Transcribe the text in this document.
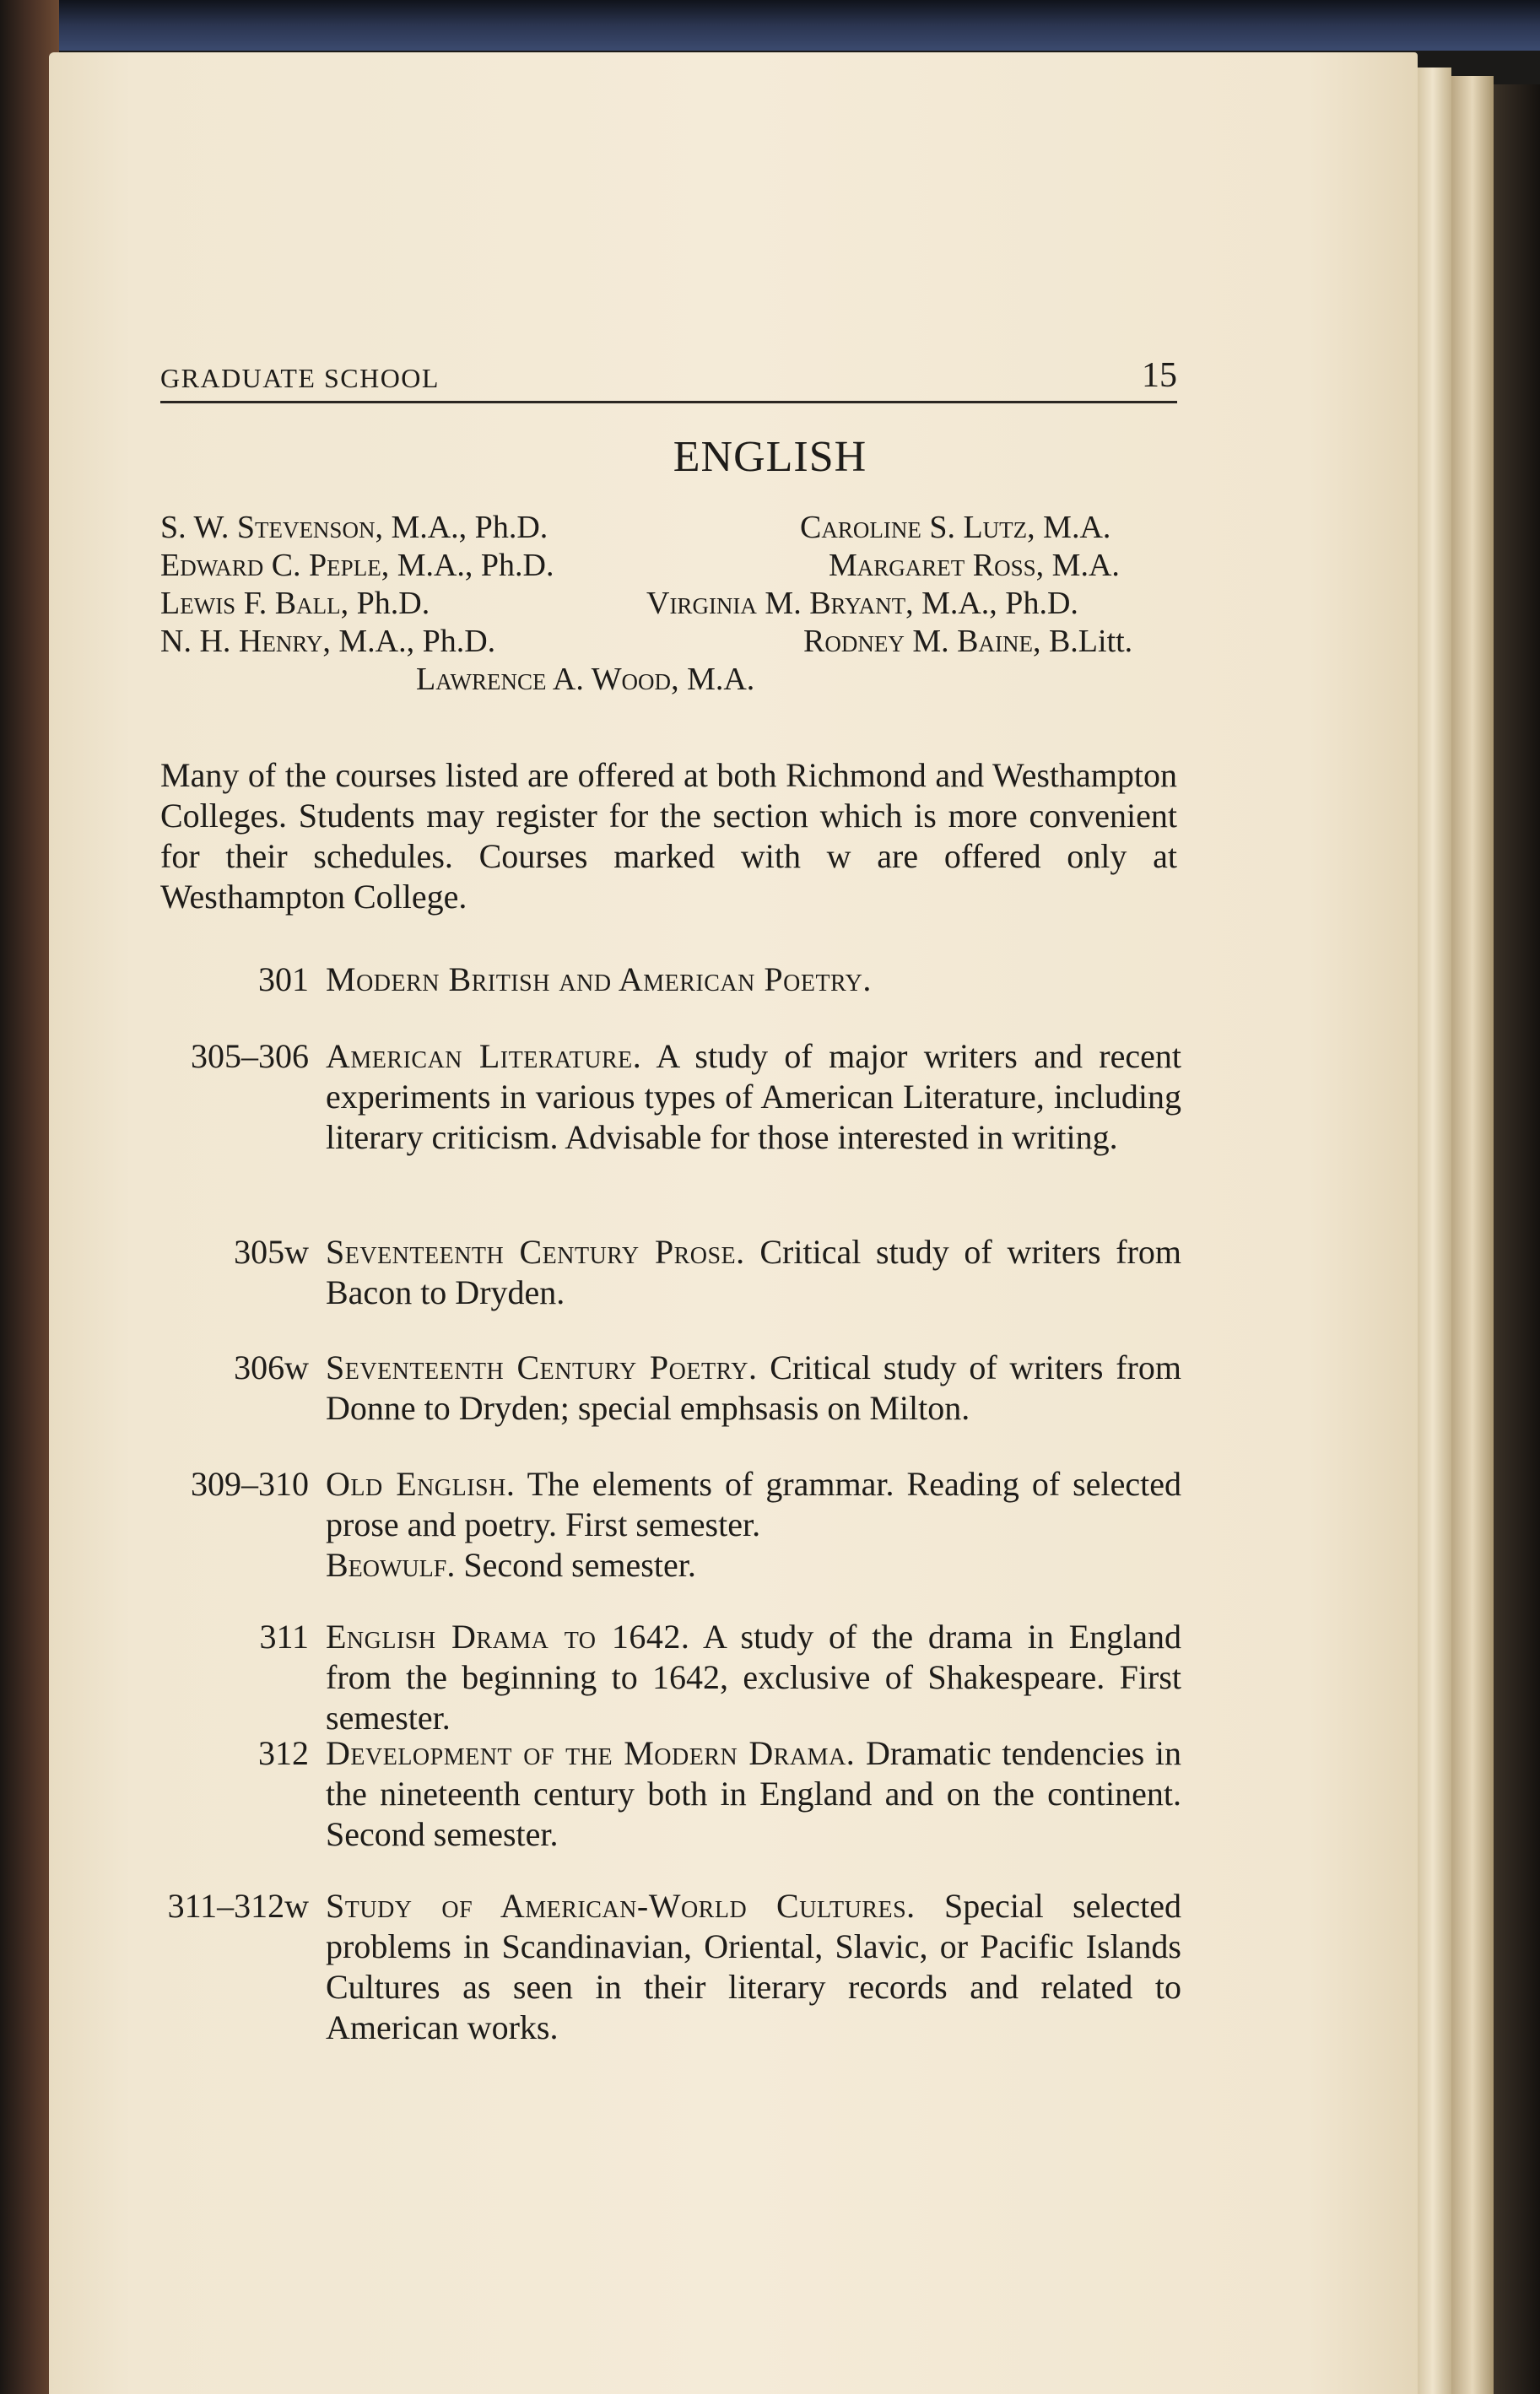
GRADUATE SCHOOL	15
ENGLISH
S. W. Stevenson, M.A., Ph.D.	Caroline S. Lutz, M.A.
Edward C. Peple, M.A., Ph.D.	Margaret Ross, M.A.
Lewis F. Ball, Ph.D.	Virginia M. Bryant, M.A., Ph.D.
N. H. Henry, M.A., Ph.D.	Rodney M. Baine, B.Litt.
Lawrence A. Wood, M.A.
Many of the courses listed are offered at both Richmond and Westhampton Colleges. Students may register for the section which is more convenient for their schedules. Courses marked with w are offered only at Westhampton College.
301 Modern British and American Poetry.
305–306 American Literature. A study of major writers and recent experiments in various types of American Literature, including literary criticism. Advisable for those interested in writing.
305w Seventeenth Century Prose. Critical study of writers from Bacon to Dryden.
306w Seventeenth Century Poetry. Critical study of writers from Donne to Dryden; special emphsasis on Milton.
309–310 Old English. The elements of grammar. Reading of selected prose and poetry. First semester.
Beowulf. Second semester.
311 English Drama to 1642. A study of the drama in England from the beginning to 1642, exclusive of Shakespeare. First semester.
312 Development of the Modern Drama. Dramatic tendencies in the nineteenth century both in England and on the continent. Second semester.
311–312w Study of American-World Cultures. Special selected problems in Scandinavian, Oriental, Slavic, or Pacific Islands Cultures as seen in their literary records and related to American works.
